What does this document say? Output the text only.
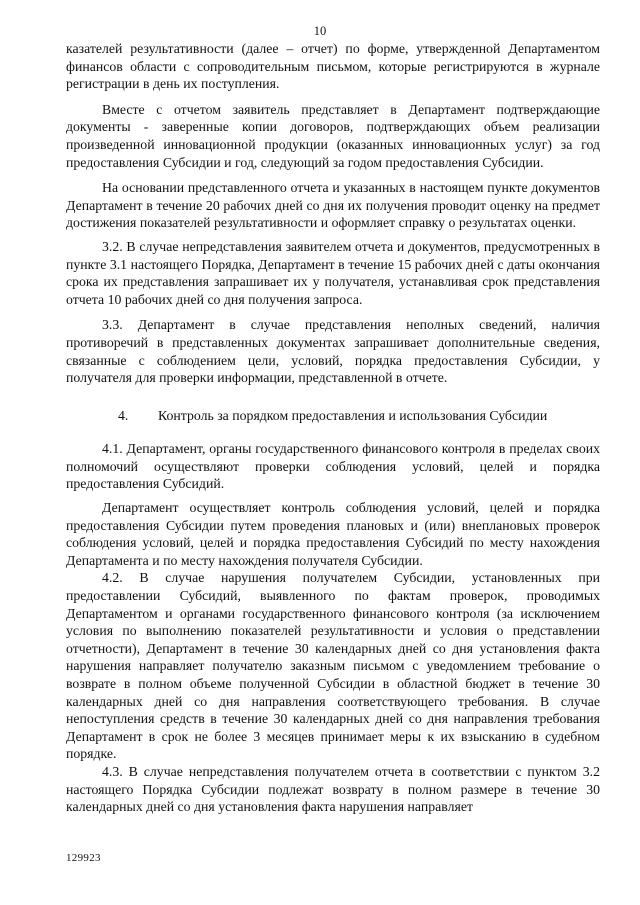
10

казателей результативности (далее – отчет) по форме, утвержденной Департаментом финансов области с сопроводительным письмом, которые регистрируются в журнале регистрации в день их поступления.

Вместе с отчетом заявитель представляет в Департамент подтверждающие документы - заверенные копии договоров, подтверждающих объем реализации произведенной инновационной продукции (оказанных инновационных услуг) за год предоставления Субсидии и год, следующий за годом предоставления Субсидии.

На основании представленного отчета и указанных в настоящем пункте документов Департамент в течение 20 рабочих дней со дня их получения проводит оценку на предмет достижения показателей результативности и оформляет справку о результатах оценки.

3.2. В случае непредставления заявителем отчета и документов, предусмотренных в пункте 3.1 настоящего Порядка, Департамент в течение 15 рабочих дней с даты окончания срока их представления запрашивает их у получателя, устанавливая срок представления отчета 10 рабочих дней со дня получения запроса.

3.3. Департамент в случае представления неполных сведений, наличия противоречий в представленных документах запрашивает дополнительные сведения, связанные с соблюдением цели, условий, порядка предоставления Субсидии, у получателя для проверки информации, представленной в отчете.

4. Контроль за порядком предоставления и использования Субсидии

4.1. Департамент, органы государственного финансового контроля в пределах своих полномочий осуществляют проверки соблюдения условий, целей и порядка предоставления Субсидий.

Департамент осуществляет контроль соблюдения условий, целей и порядка предоставления Субсидии путем проведения плановых и (или) внеплановых проверок соблюдения условий, целей и порядка предоставления Субсидий по месту нахождения Департамента и по месту нахождения получателя Субсидии.

4.2. В случае нарушения получателем Субсидии, установленных при предоставлении Субсидий, выявленного по фактам проверок, проводимых Департаментом и органами государственного финансового контроля (за исключением условия по выполнению показателей результативности и условия о представлении отчетности), Департамент в течение 30 календарных дней со дня установления факта нарушения направляет получателю заказным письмом с уведомлением требование о возврате в полном объеме полученной Субсидии в областной бюджет в течение 30 календарных дней со дня направления соответствующего требования. В случае непоступления средств в течение 30 календарных дней со дня направления требования Департамент в срок не более 3 месяцев принимает меры к их взысканию в судебном порядке.

4.3. В случае непредставления получателем отчета в соответствии с пунктом 3.2 настоящего Порядка Субсидии подлежат возврату в полном размере в течение 30 календарных дней со дня установления факта нарушения направляет

129923
